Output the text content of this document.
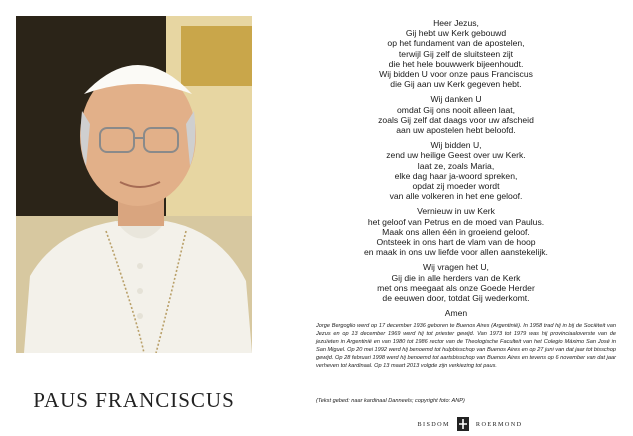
PAUS FRANCISCUS
Heer Jezus,
Gij hebt uw Kerk gebouwd
op het fundament van de apostelen,
terwijl Gij zelf de sluitsteen zijt
die het hele bouwwerk bijeenhoudt.
Wij bidden U voor onze paus Franciscus
die Gij aan uw Kerk gegeven hebt.
Wij danken U
omdat Gij ons nooit alleen laat,
zoals Gij zelf dat daags voor uw afscheid
aan uw apostelen hebt beloofd.
Wij bidden U,
zend uw heilige Geest over uw Kerk.
laat ze, zoals Maria,
elke dag haar ja-woord spreken,
opdat zij moeder wordt
van alle volkeren in het ene geloof.
Vernieuw in uw Kerk
het geloof van Petrus en de moed van Paulus.
Maak ons allen één in groeiend geloof.
Ontsteek in ons hart de vlam van de hoop
en maak in ons uw liefde voor allen aanstekelijk.
Wij vragen het U,
Gij die in alle herders van de Kerk
met ons meegaat als onze Goede Herder
de eeuwen door, totdat Gij wederkomt.
Amen
Jorge Bergoglio werd op 17 december 1936 geboren te Buenos Aires (Argentinië). In 1958 trad hij in bij de Sociëteit van Jezus en op 13 december 1969 werd hij tot priester gewijd. Van 1973 tot 1979 was hij provinciaaloverste van de jezuïeten in Argentinië en van 1980 tot 1986 rector van de Theologische Faculteit van het Colegio Máximo San José in San Miguel. Op 20 mei 1992 werd hij benoemd tot hulpbisschop van Buenos Aires en op 27 juni van dat jaar tot bisschop gewijd. Op 28 februari 1998 werd hij benoemd tot aartsbisschop van Buenos Aires en tevens op 6 november van dat jaar verheven tot kardinaal. Op 13 maart 2013 volgde zijn verkiezing tot paus.
(Tekst gebed: naar kardinaal Danneels; copyright foto: ANP)
BISDOM	ROERMOND
